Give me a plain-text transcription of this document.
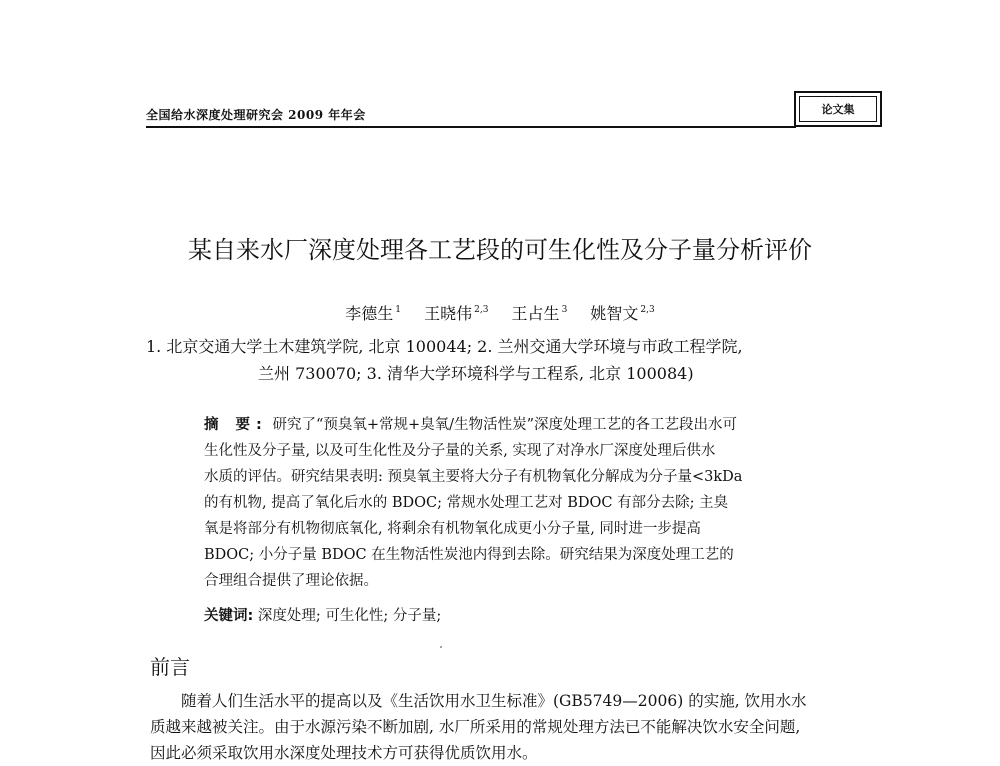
全国给水深度处理研究会 2009 年年会	论文集
某自来水厂深度处理各工艺段的可生化性及分子量分析评价
李德生 $^1$ 王晓伟 $^{2,3}$ 王占生 $^3$ 姚智文 $^{2,3}$
1. 北京交通大学土木建筑学院, 北京 100044; 2. 兰州交通大学环境与市政工程学院,
兰州 730070; 3. 清华大学环境科学与工程系, 北京 100084)
摘 要: 研究了“预臭氧+常规+臭氧/生物活性炭”深度处理工艺的各工艺段出水可
生化性及分子量, 以及可生化性及分子量的关系, 实现了对净水厂深度处理后供水
水质的评估。研究结果表明: 预臭氧主要将大分子有机物氧化分解成为分子量<3kDa
的有机物, 提高了氧化后水的 BDOC; 常规水处理工艺对 BDOC 有部分去除; 主臭
氧是将部分有机物彻底氧化, 将剩余有机物氧化成更小分子量, 同时进一步提高
BDOC; 小分子量 BDOC 在生物活性炭池内得到去除。研究结果为深度处理工艺的
合理组合提供了理论依据。
关键词: 深度处理; 可生化性; 分子量;
前言
随着人们生活水平的提高以及《生活饮用水卫生标准》(GB5749—2006) 的实施, 饮用水水
质越来越被关注。由于水源污染不断加剧, 水厂所采用的常规处理方法已不能解决饮水安全问题,
因此必须采取饮用水深度处理技术方可获得优质饮用水。
